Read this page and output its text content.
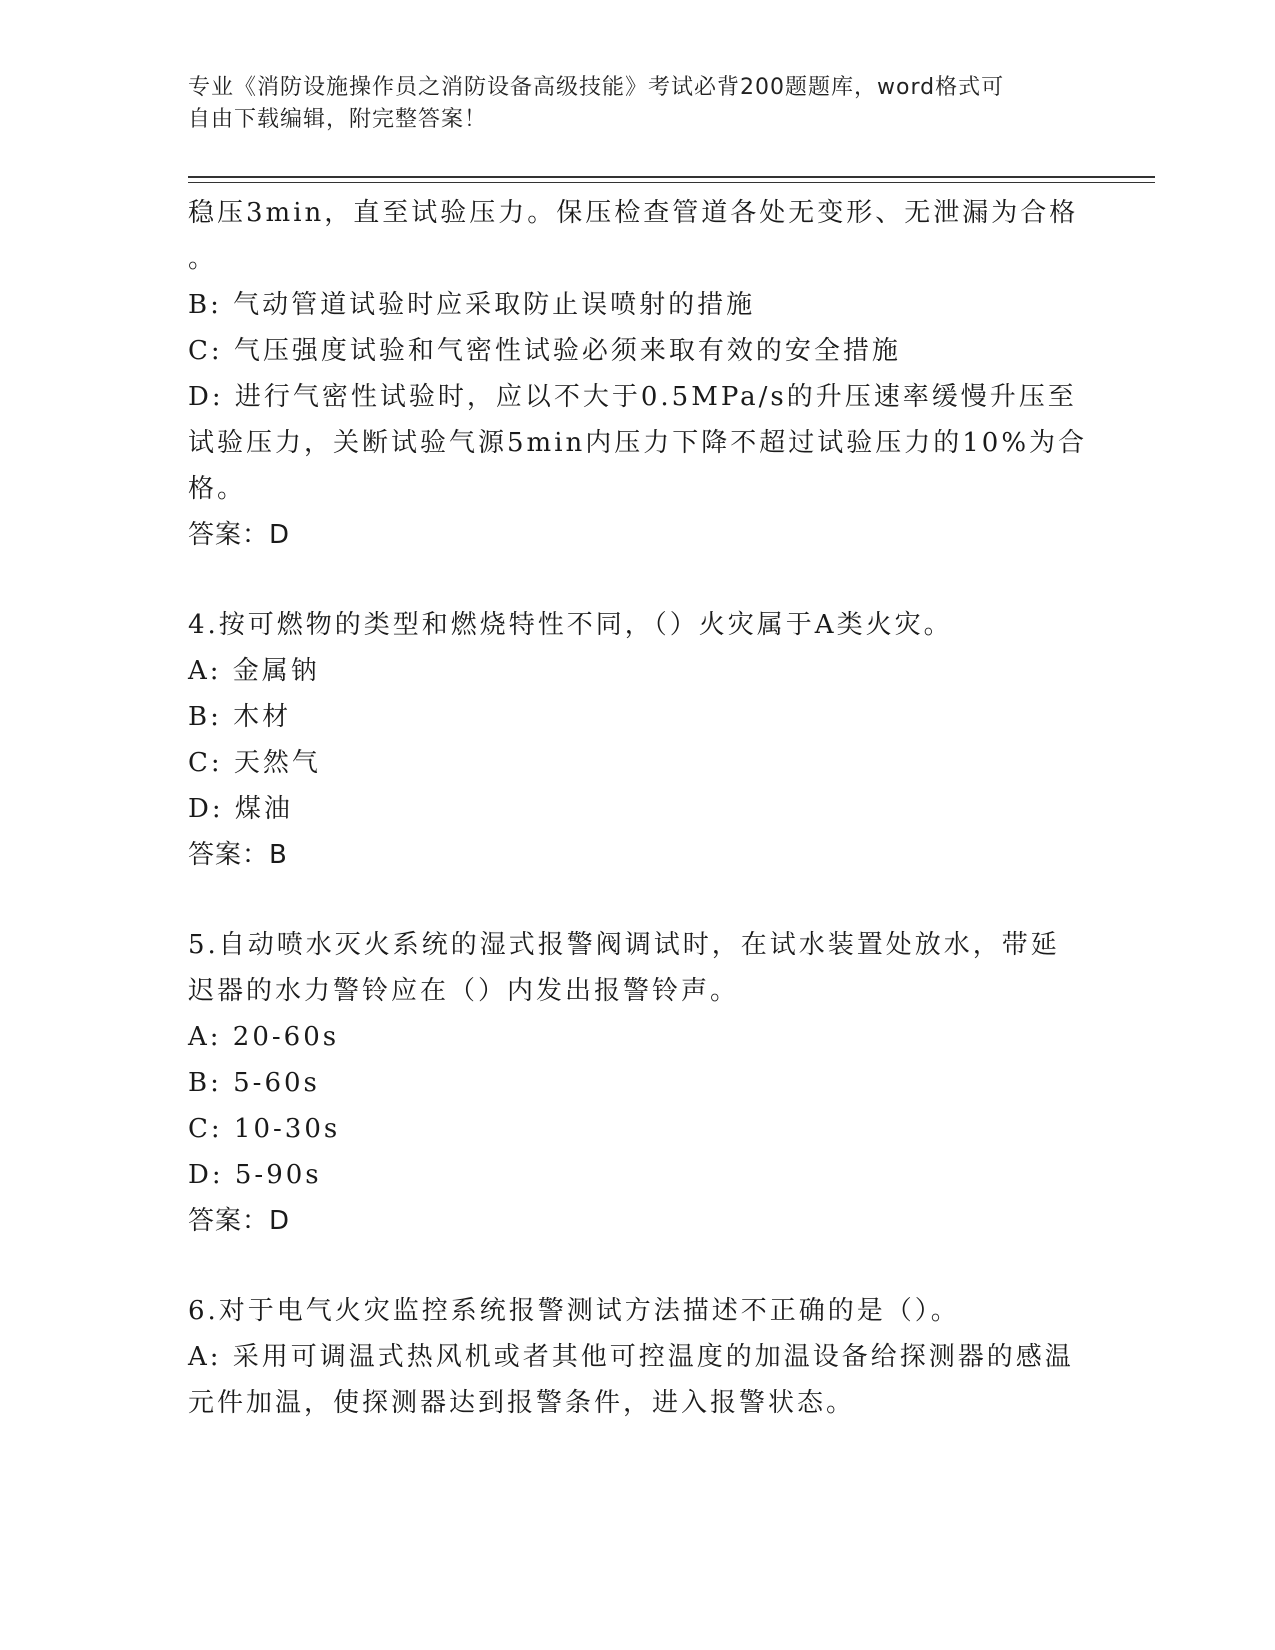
专业《消防设施操作员之消防设备高级技能》考试必背200题题库，word格式可
自由下载编辑，附完整答案！
稳压3min，直至试验压力。保压检查管道各处无变形、无泄漏为合格
。
B: 气动管道试验时应采取防止误喷射的措施
C: 气压强度试验和气密性试验必须来取有效的安全措施
D: 进行气密性试验时，应以不大于0.5MPa/s的升压速率缓慢升压至
试验压力，关断试验气源5min内压力下降不超过试验压力的10%为合
格。
答案：D
4.按可燃物的类型和燃烧特性不同，（）火灾属于A类火灾。
A: 金属钠
B: 木材
C: 天然气
D: 煤油
答案：B
5.自动喷水灭火系统的湿式报警阀调试时，在试水装置处放水，带延
迟器的水力警铃应在（）内发出报警铃声。
A: 20-60s
B: 5-60s
C: 10-30s
D: 5-90s
答案：D
6.对于电气火灾监控系统报警测试方法描述不正确的是（）。
A: 采用可调温式热风机或者其他可控温度的加温设备给探测器的感温
元件加温，使探测器达到报警条件，进入报警状态。
